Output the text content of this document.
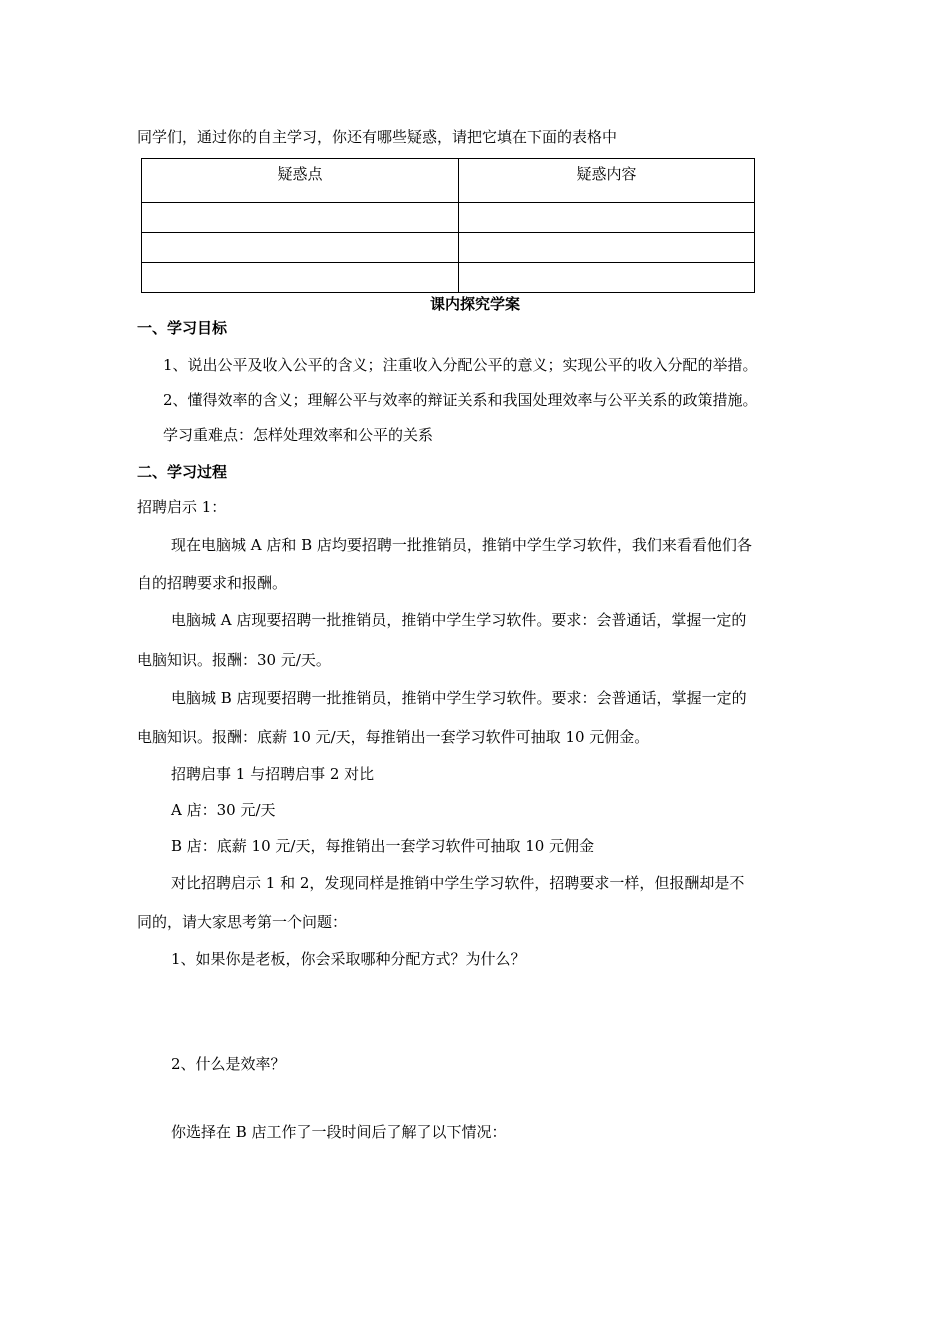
同学们，通过你的自主学习，你还有哪些疑惑，请把它填在下面的表格中
疑惑点	疑惑内容

课内探究学案
一、学习目标
1、说出公平及收入公平的含义；注重收入分配公平的意义；实现公平的收入分配的举措。
2、懂得效率的含义；理解公平与效率的辩证关系和我国处理效率与公平关系的政策措施。
学习重难点：怎样处理效率和公平的关系
二、学习过程
招聘启示 1：
现在电脑城 A 店和 B 店均要招聘一批推销员，推销中学生学习软件，我们来看看他们各
自的招聘要求和报酬。
电脑城 A 店现要招聘一批推销员，推销中学生学习软件。要求：会普通话，掌握一定的
电脑知识。报酬：30 元/天。
电脑城 B 店现要招聘一批推销员，推销中学生学习软件。要求：会普通话，掌握一定的
电脑知识。报酬：底薪 10 元/天，每推销出一套学习软件可抽取 10 元佣金。
招聘启事 1 与招聘启事 2 对比
A 店：30 元/天
B 店：底薪 10 元/天，每推销出一套学习软件可抽取 10 元佣金
对比招聘启示 1 和 2，发现同样是推销中学生学习软件，招聘要求一样，但报酬却是不
同的，请大家思考第一个问题：
1、如果你是老板，你会采取哪种分配方式？为什么？
2、什么是效率？
你选择在 B 店工作了一段时间后了解了以下情况：
